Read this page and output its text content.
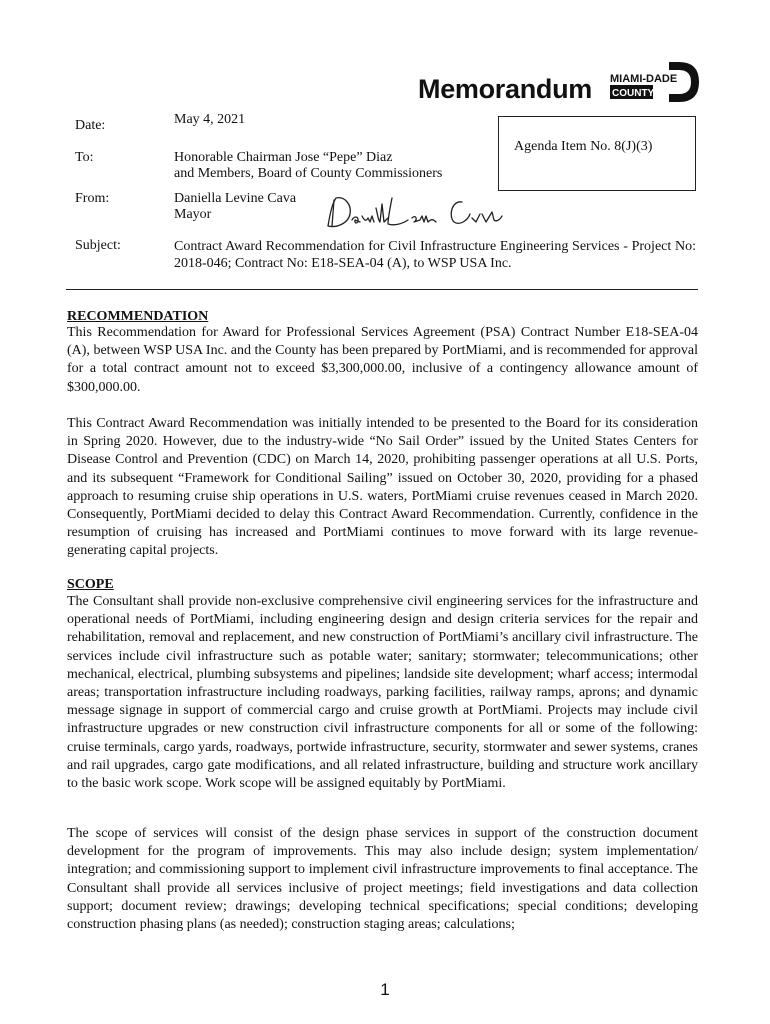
Memorandum MIAMI-DADE
COUNTY
Date:	May 4, 2021
To:	Honorable Chairman Jose “Pepe” Diaz
and Members, Board of County Commissioners
Agenda Item No. 8(J)(3)
From:	Daniella Levine Cava
Mayor
Subject:	Contract Award Recommendation for Civil Infrastructure Engineering Services - Project No: 2018-046; Contract No: E18-SEA-04 (A), to WSP USA Inc.
RECOMMENDATION
This Recommendation for Award for Professional Services Agreement (PSA) Contract Number E18-SEA-04 (A), between WSP USA Inc. and the County has been prepared by PortMiami, and is recommended for approval for a total contract amount not to exceed $3,300,000.00, inclusive of a contingency allowance amount of $300,000.00.
This Contract Award Recommendation was initially intended to be presented to the Board for its consideration in Spring 2020. However, due to the industry-wide “No Sail Order” issued by the United States Centers for Disease Control and Prevention (CDC) on March 14, 2020, prohibiting passenger operations at all U.S. Ports, and its subsequent “Framework for Conditional Sailing” issued on October 30, 2020, providing for a phased approach to resuming cruise ship operations in U.S. waters, PortMiami cruise revenues ceased in March 2020. Consequently, PortMiami decided to delay this Contract Award Recommendation. Currently, confidence in the resumption of cruising has increased and PortMiami continues to move forward with its large revenue-generating capital projects.
SCOPE
The Consultant shall provide non-exclusive comprehensive civil engineering services for the infrastructure and operational needs of PortMiami, including engineering design and design criteria services for the repair and rehabilitation, removal and replacement, and new construction of PortMiami’s ancillary civil infrastructure. The services include civil infrastructure such as potable water; sanitary; stormwater; telecommunications; other mechanical, electrical, plumbing subsystems and pipelines; landside site development; wharf access; intermodal areas; transportation infrastructure including roadways, parking facilities, railway ramps, aprons; and dynamic message signage in support of commercial cargo and cruise growth at PortMiami. Projects may include civil infrastructure upgrades or new construction civil infrastructure components for all or some of the following: cruise terminals, cargo yards, roadways, portwide infrastructure, security, stormwater and sewer systems, cranes and rail upgrades, cargo gate modifications, and all related infrastructure, building and structure work ancillary to the basic work scope. Work scope will be assigned equitably by PortMiami.
The scope of services will consist of the design phase services in support of the construction document development for the program of improvements. This may also include design; system implementation/ integration; and commissioning support to implement civil infrastructure improvements to final acceptance. The Consultant shall provide all services inclusive of project meetings; field investigations and data collection support; document review; drawings; developing technical specifications; special conditions; developing construction phasing plans (as needed); construction staging areas; calculations;
1
